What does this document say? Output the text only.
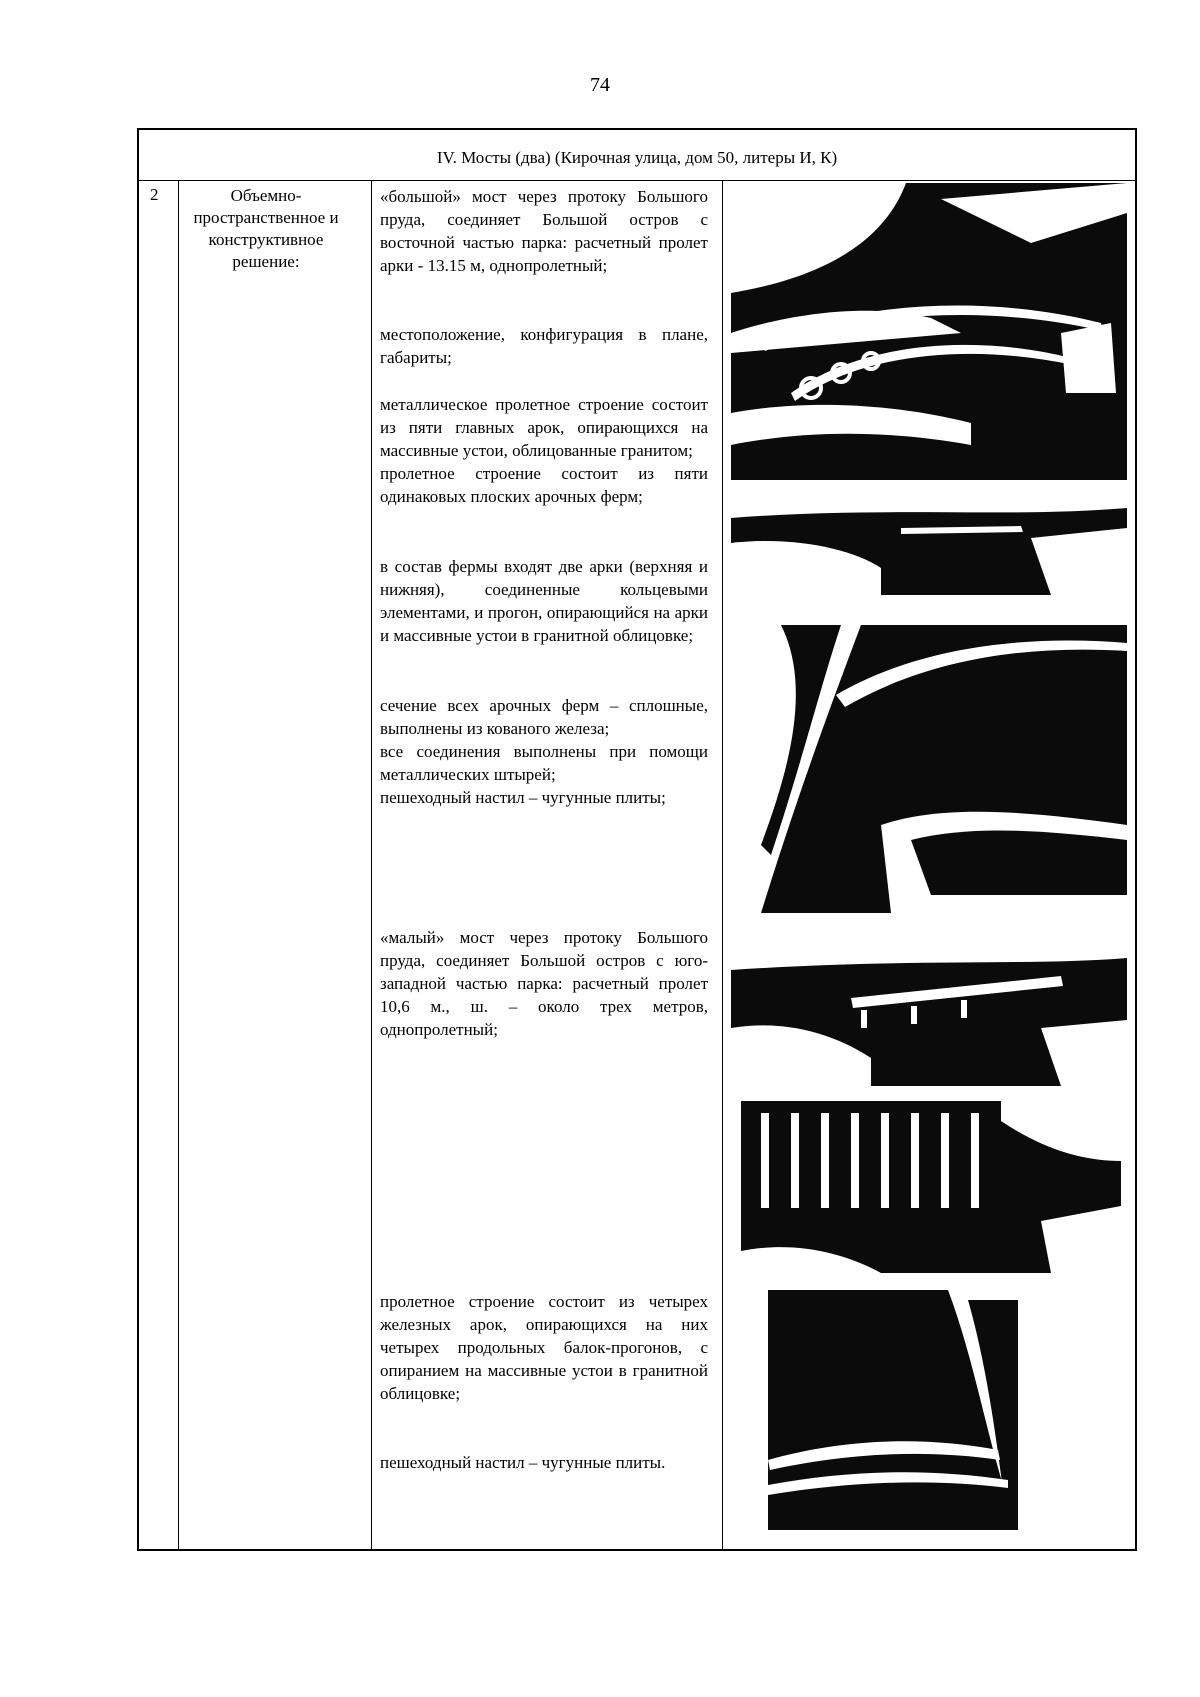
74
IV. Мосты (два) (Кирочная улица, дом 50, литеры И, К)
2	Объемно-пространственное и конструктивное решение:

«большой» мост через протоку Большого пруда, соединяет Большой остров с восточной частью парка: расчетный пролет арки - 13.15 м, однопролетный;

местоположение, конфигурация в плане, габариты;

металлическое пролетное строение состоит из пяти главных арок, опирающихся на массивные устои, облицованные гранитом;

пролетное строение состоит из пяти одинаковых плоских арочных ферм;

в состав фермы входят две арки (верхняя и нижняя), соединенные кольцевыми элементами, и прогон, опирающийся на арки и массивные устои в гранитной облицовке;

сечение всех арочных ферм – сплошные, выполнены из кованого железа;

все соединения выполнены при помощи металлических штырей;

пешеходный настил – чугунные плиты;

«малый» мост через протоку Большого пруда, соединяет Большой остров с юго-западной частью парка: расчетный пролет 10,6 м., ш. – около трех метров, однопролетный;

пролетное строение состоит из четырех железных арок, опирающихся на них четырех продольных балок-прогонов, с опиранием на массивные устои в гранитной облицовке;

пешеходный настил – чугунные плиты.
